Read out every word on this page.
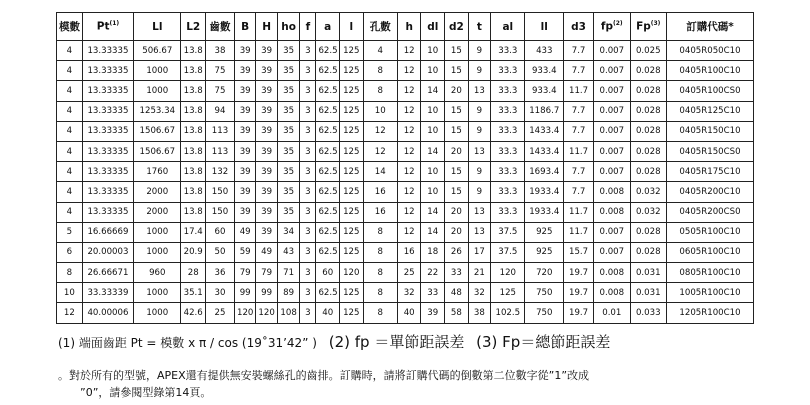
模數	Pt$^{(1)}$	Ll	L2	齒數	B	H	ho	f	a	l	孔數	h	dl	d2	t	al	ll	d3	$fp^{(2)}$	Fp$^{(3)}$	訂購代碼*
4	13.33335	506.67	13.8	38	39	39	35	3	62.5	125	4	12	10	15	9	33.3	433	7.7	0.007	0.025	0405R050C10
4	13.33335	1000	13.8	75	39	39	35	3	62.5	125	8	12	10	15	9	33.3	933.4	7.7	0.007	0.028	0405R100C10
4	13.33335	1000	13.8	75	39	39	35	3	62.5	125	8	12	14	20	13	33.3	933.4	11.7	0.007	0.028	0405R100CS0
4	13.33335	1253.34	13.8	94	39	39	35	3	62.5	125	10	12	10	15	9	33.3	1186.7	7.7	0.007	0.028	0405R125C10
4	13.33335	1506.67	13.8	113	39	39	35	3	62.5	125	12	12	10	15	9	33.3	1433.4	7.7	0.007	0.028	0405R150C10
4	13.33335	1506.67	13.8	113	39	39	35	3	62.5	125	12	12	14	20	13	33.3	1433.4	11.7	0.007	0.028	0405R150CS0
4	13.33335	1760	13.8	132	39	39	35	3	62.5	125	14	12	10	15	9	33.3	1693.4	7.7	0.007	0.028	0405R175C10
4	13.33335	2000	13.8	150	39	39	35	3	62.5	125	16	12	10	15	9	33.3	1933.4	7.7	0.008	0.032	0405R200C10
4	13.33335	2000	13.8	150	39	39	35	3	62.5	125	16	12	14	20	13	33.3	1933.4	11.7	0.008	0.032	0405R200CS0
5	16.66669	1000	17.4	60	49	39	34	3	62.5	125	8	12	14	20	13	37.5	925	11.7	0.007	0.028	0505R100C10
6	20.00003	1000	20.9	50	59	49	43	3	62.5	125	8	16	18	26	17	37.5	925	15.7	0.007	0.028	0605R100C10
8	26.66671	960	28	36	79	79	71	3	60	120	8	25	22	33	21	120	720	19.7	0.008	0.031	0805R100C10
10	33.33339	1000	35.1	30	99	99	89	3	62.5	125	8	32	33	48	32	125	750	19.7	0.008	0.031	1005R100C10
12	40.00006	1000	42.6	25	120	120	108	3	40	125	8	40	39	58	38	102.5	750	19.7	0.01	0.033	1205R100C10
(1) 端面齒距 Pt = 模數 x π / cos (19˚31’42” ) (2) fp ＝單節距誤差 (3) Fp＝總節距誤差
。對於所有的型號，APEX還有提供無安裝螺絲孔的齒排。訂購時，請將訂購代碼的倒數第二位數字從”1”改成
”0”，請參閱型錄第14頁。
